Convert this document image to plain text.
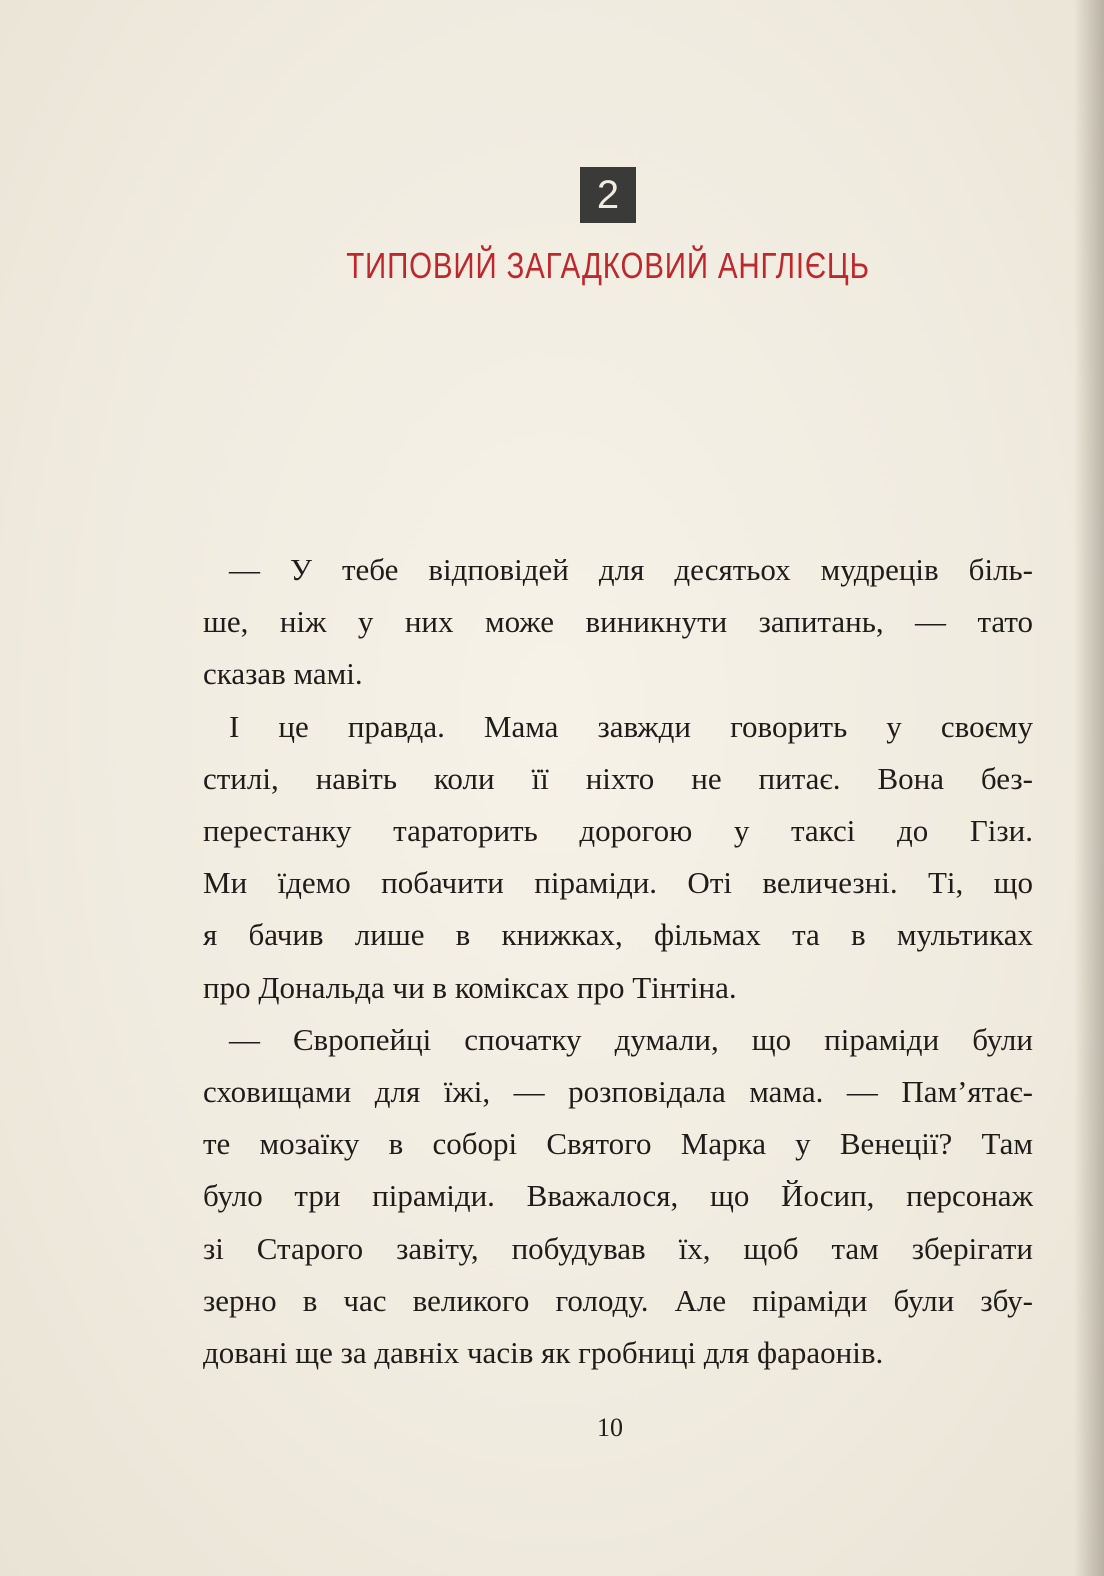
2
ТИПОВИЙ ЗАГАДКОВИЙ АНГЛІЄЦЬ
— У тебе відповідей для десятьох мудреців біль-
ше, ніж у них може виникнути запитань, — тато
сказав мамі.
І це правда. Мама завжди говорить у своєму
стилі, навіть коли її ніхто не питає. Вона без-
перестанку тараторить дорогою у таксі до Гізи.
Ми їдемо побачити піраміди. Оті величезні. Ті, що
я бачив лише в книжках, фільмах та в мультиках
про Дональда чи в коміксах про Тінтіна.
— Європейці спочатку думали, що піраміди були
сховищами для їжі, — розповідала мама. — Пам’ятає-
те мозаїку в соборі Святого Марка у Венеції? Там
було три піраміди. Вважалося, що Йосип, персонаж
зі Старого завіту, побудував їх, щоб там зберігати
зерно в час великого голоду. Але піраміди були збу-
довані ще за давніх часів як гробниці для фараонів.
10
